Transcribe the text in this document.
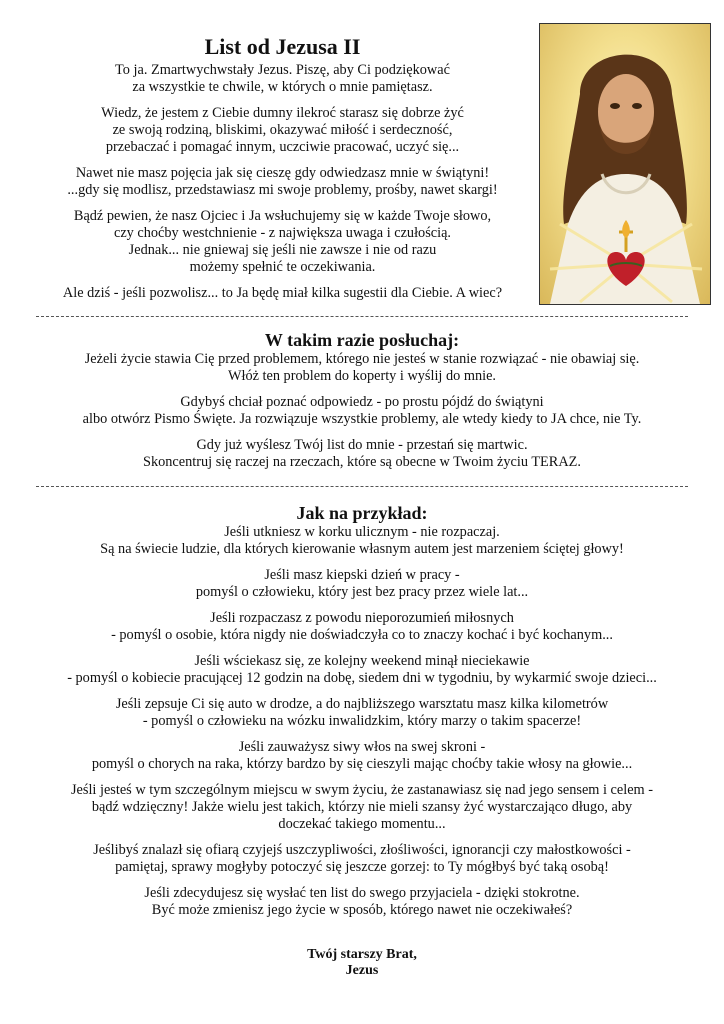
List od Jezusa II

To ja. Zmartwychwstały Jezus. Piszę, aby Ci podziękować
za wszystkie te chwile, w których o mnie pamiętasz.

Wiedz, że jestem z Ciebie dumny ilekroć starasz się dobrze żyć
ze swoją rodziną, bliskimi, okazywać miłość i serdeczność,
przebaczać i pomagać innym, uczciwie pracować, uczyć się...

Nawet nie masz pojęcia jak się cieszę gdy odwiedzasz mnie w świątyni!
...gdy się modlisz, przedstawiasz mi swoje problemy, prośby, nawet skargi!

Bądź pewien, że nasz Ojciec i Ja wsłuchujemy się w każde Twoje słowo,
czy choćby westchnienie - z największa uwaga i czułością.
Jednak... nie gniewaj się jeśli nie zawsze i nie od razu
możemy spełnić te oczekiwania.

Ale dziś - jeśli pozwolisz... to Ja będę miał kilka sugestii dla Ciebie. A wiec?

W takim razie posłuchaj:

Jeżeli życie stawia Cię przed problemem, którego nie jesteś w stanie rozwiązać - nie obawiaj się.
Włóż ten problem do koperty i wyślij do mnie.

Gdybyś chciał poznać odpowiedz - po prostu pójdź do świątyni
albo otwórz Pismo Święte. Ja rozwiązuje wszystkie problemy, ale wtedy kiedy to JA chce, nie Ty.

Gdy już wyślesz Twój list do mnie - przestań się martwic.
Skoncentruj się raczej na rzeczach, które są obecne w Twoim życiu TERAZ.

Jak na przykład:

Jeśli utkniesz w korku ulicznym - nie rozpaczaj.
Są na świecie ludzie, dla których kierowanie własnym autem jest marzeniem ściętej głowy!

Jeśli masz kiepski dzień w pracy -
pomyśl o człowieku, który jest bez pracy przez wiele lat...

Jeśli rozpaczasz z powodu nieporozumień miłosnych
- pomyśl o osobie, która nigdy nie doświadczyła co to znaczy kochać i być kochanym...

Jeśli wściekasz się, ze kolejny weekend minął nieciekawie
- pomyśl o kobiecie pracującej 12 godzin na dobę, siedem dni w tygodniu, by wykarmić swoje dzieci...

Jeśli zepsuje Ci się auto w drodze, a do najbliższego warsztatu masz kilka kilometrów
- pomyśl o człowieku na wózku inwalidzkim, który marzy o takim spacerze!

Jeśli zauważysz siwy włos na swej skroni -
pomyśl o chorych na raka, którzy bardzo by się cieszyli mając choćby takie włosy na głowie...

Jeśli jesteś w tym szczególnym miejscu w swym życiu, że zastanawiasz się nad jego sensem i celem -
bądź wdzięczny! Jakże wielu jest takich, którzy nie mieli szansy żyć wystarczająco długo, aby
doczekać takiego momentu...

Jeślibyś znalazł się ofiarą czyjejś uszczypliwości, złośliwości, ignorancji czy małostkowości -
pamiętaj, sprawy mogłyby potoczyć się jeszcze gorzej: to Ty mógłbyś być taką osobą!

Jeśli zdecydujesz się wysłać ten list do swego przyjaciela - dzięki stokrotne.
Być może zmienisz jego życie w sposób, którego nawet nie oczekiwałeś?

Twój starszy Brat,
Jezus
